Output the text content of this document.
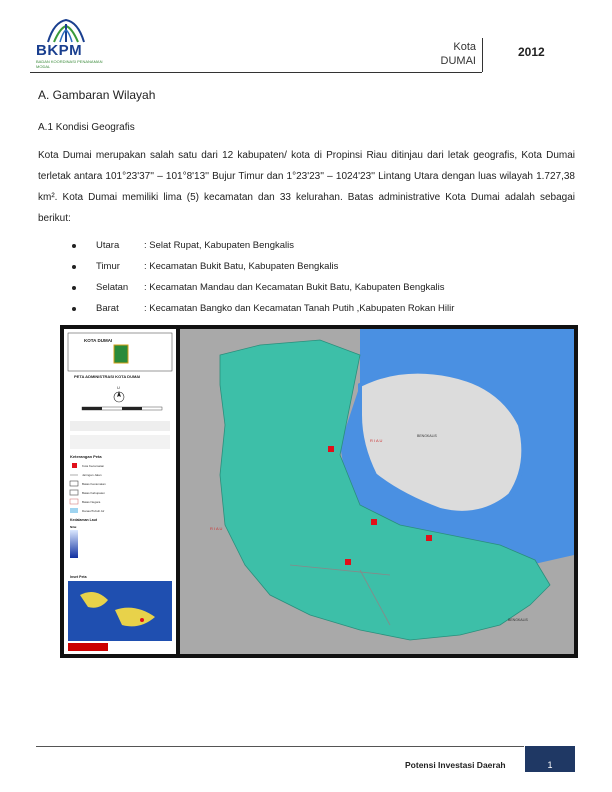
BKPM
BADAN KOORDINASI PENANAMAN MODAL
Kota
DUMAI
2012
A. Gambaran Wilayah
A.1 Kondisi Geografis

Kota Dumai merupakan salah satu dari 12 kabupaten/ kota di Propinsi Riau ditinjau dari letak geografis, Kota Dumai terletak antara 101°23'37'' – 101°8'13'' Bujur Timur dan 1°23'23'' – 1024'23'' Lintang Utara dengan luas wilayah 1.727,38 km². Kota Dumai memiliki lima (5) kecamatan dan 33 kelurahan. Batas administrative Kota Dumai adalah sebagai berikut:

Utara	: Selat Rupat, Kabupaten Bengkalis
Timur	: Kecamatan Bukit Batu, Kabupaten Bengkalis
Selatan : Kecamatan Mandau dan Kecamatan Bukit Batu, Kabupaten Bengkalis
Barat	: Kecamatan Bangko dan Kecamatan Tanah Putih ,Kabupaten Rokan Hilir
KOTA DUMAI
PETA ADMINISTRASI KOTA DUMAI
U
Keterangan Peta
Kota Kecamatan
Jaringan Jalan
Batas Kecamatan
Batas Kabupaten
Batas Negara
Danau/Tubuh Air
Kedalaman Laut
Nilai
Inset Peta
R I A U
R I A U
BENGKALIS
BENGKALIS
Potensi Investasi Daerah	1
